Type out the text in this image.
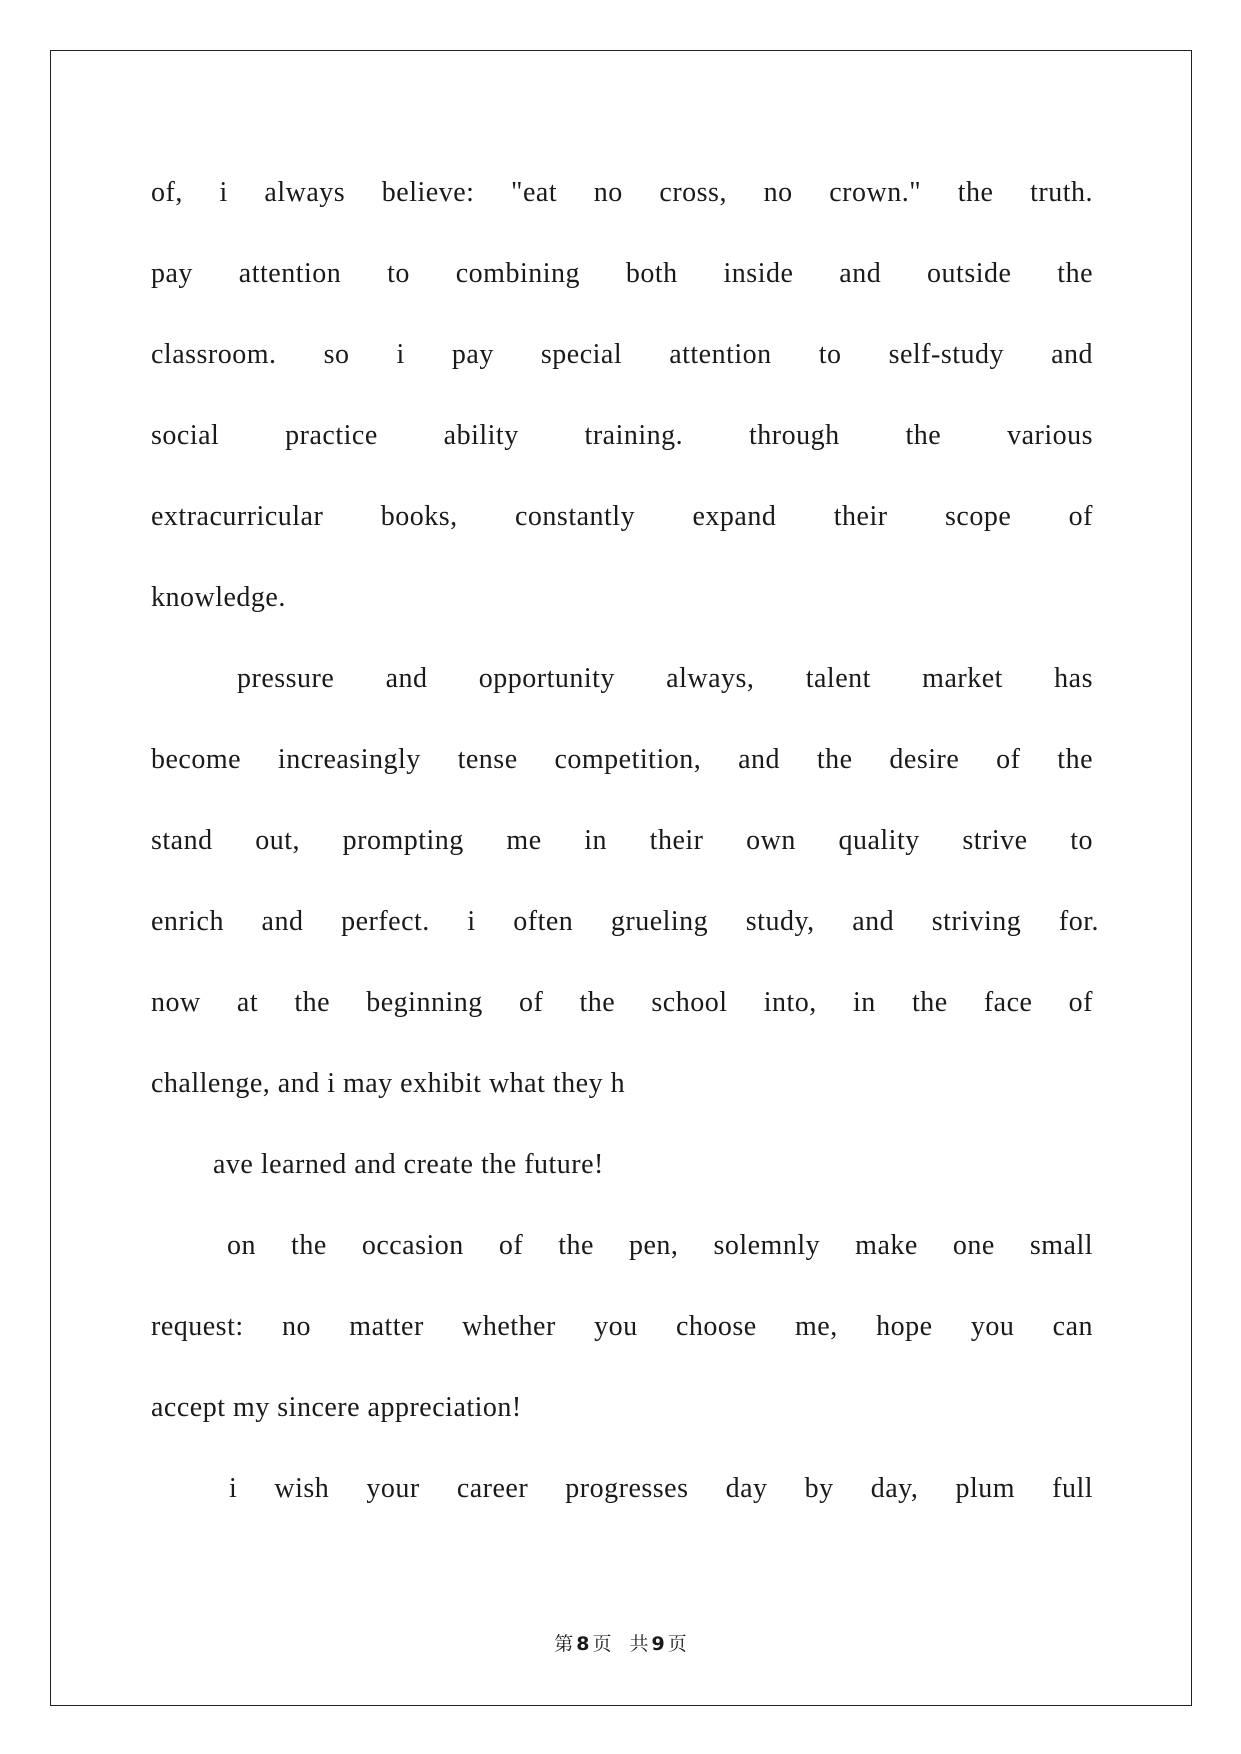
of, i always believe: "eat no cross, no crown." the truth.

pay attention to combining both inside and outside the

classroom. so i pay special attention to self-study and

social practice ability training. through the various

extracurricular books, constantly expand their scope of

knowledge.

pressure and opportunity always, talent market has

become increasingly tense competition, and the desire of the

stand out, prompting me in their own quality strive to

enrich and perfect. i often grueling study, and striving for.

now at the beginning of the school into, in the face of

challenge, and i may exhibit what they h

ave learned and create the future!

on the occasion of the pen, solemnly make one small

request: no matter whether you choose me, hope you can

accept my sincere appreciation!

i wish your career progresses day by day, plum full

第 8 页 共 9 页
